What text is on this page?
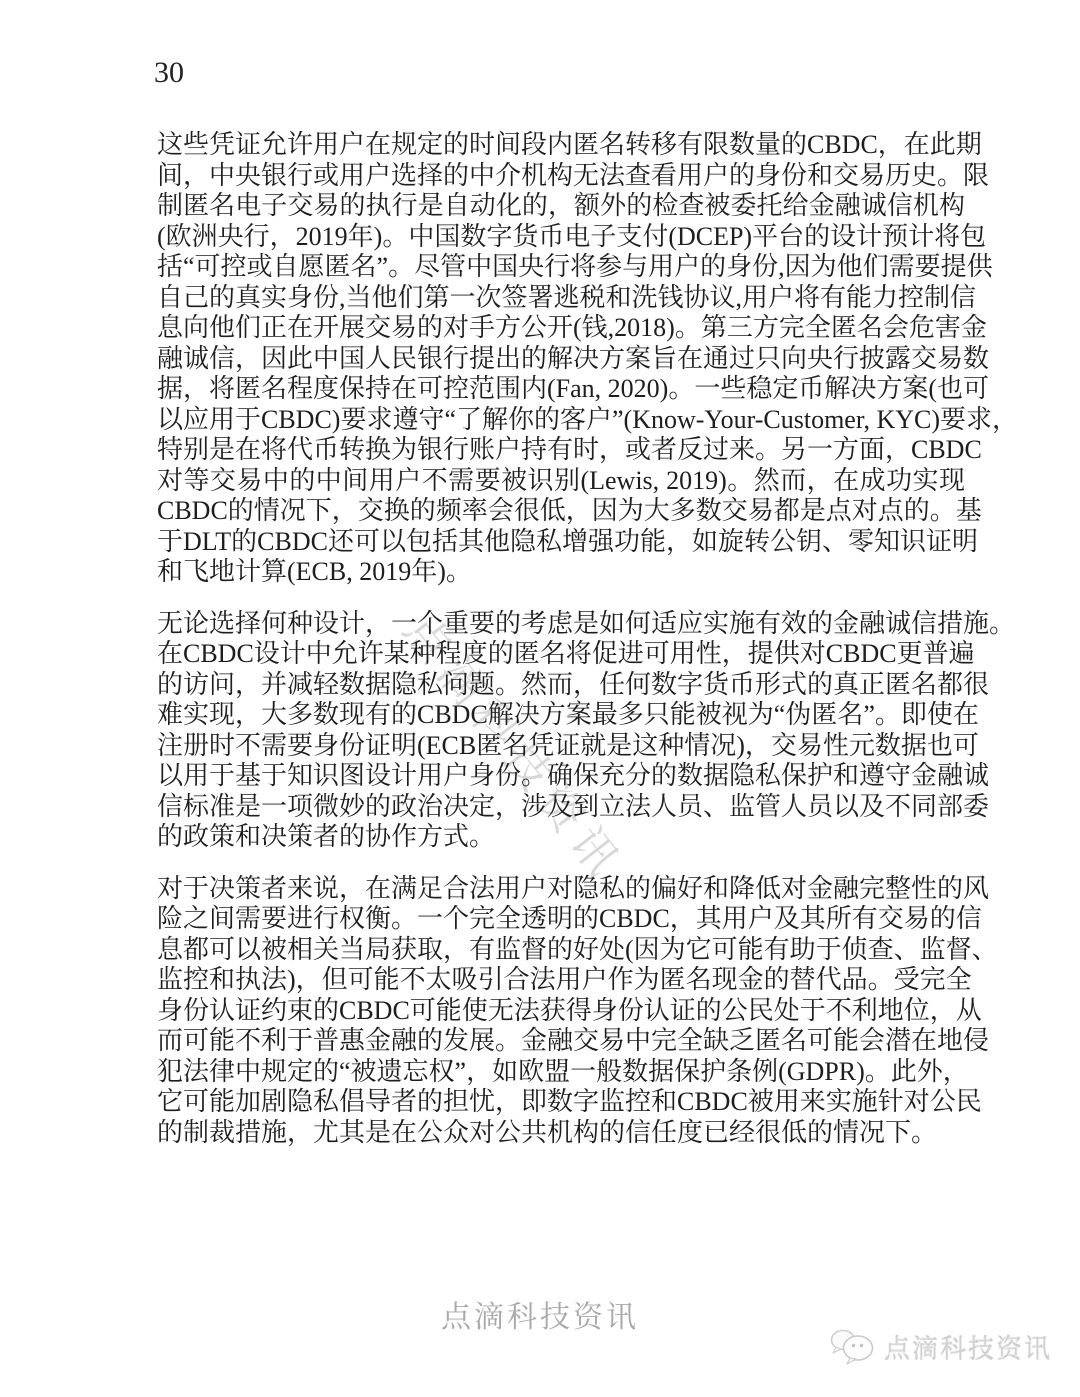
30
点滴科技资讯
这些凭证允许用户在规定的时间段内匿名转移有限数量的CBDC，在此期
间，中央银行或用户选择的中介机构无法查看用户的身份和交易历史。限
制匿名电子交易的执行是自动化的，额外的检查被委托给金融诚信机构
(欧洲央行，2019年)。中国数字货币电子支付(DCEP)平台的设计预计将包
括“可控或自愿匿名”。尽管中国央行将参与用户的身份,因为他们需要提供
自己的真实身份,当他们第一次签署逃税和洗钱协议,用户将有能力控制信
息向他们正在开展交易的对手方公开(钱,2018)。第三方完全匿名会危害金
融诚信，因此中国人民银行提出的解决方案旨在通过只向央行披露交易数
据，将匿名程度保持在可控范围内(Fan, 2020)。一些稳定币解决方案(也可
以应用于CBDC)要求遵守“了解你的客户”(Know-Your-Customer, KYC)要求，
特别是在将代币转换为银行账户持有时，或者反过来。另一方面，CBDC
对等交易中的中间用户不需要被识别(Lewis, 2019)。然而，在成功实现
CBDC的情况下，交换的频率会很低，因为大多数交易都是点对点的。基
于DLT的CBDC还可以包括其他隐私增强功能，如旋转公钥、零知识证明
和飞地计算(ECB, 2019年)。
无论选择何种设计，一个重要的考虑是如何适应实施有效的金融诚信措施。
在CBDC设计中允许某种程度的匿名将促进可用性，提供对CBDC更普遍
的访问，并减轻数据隐私问题。然而，任何数字货币形式的真正匿名都很
难实现，大多数现有的CBDC解决方案最多只能被视为“伪匿名”。即使在
注册时不需要身份证明(ECB匿名凭证就是这种情况)，交易性元数据也可
以用于基于知识图设计用户身份。确保充分的数据隐私保护和遵守金融诚
信标准是一项微妙的政治决定，涉及到立法人员、监管人员以及不同部委
的政策和决策者的协作方式。
对于决策者来说，在满足合法用户对隐私的偏好和降低对金融完整性的风
险之间需要进行权衡。一个完全透明的CBDC，其用户及其所有交易的信
息都可以被相关当局获取，有监督的好处(因为它可能有助于侦查、监督、
监控和执法)，但可能不太吸引合法用户作为匿名现金的替代品。受完全
身份认证约束的CBDC可能使无法获得身份认证的公民处于不利地位，从
而可能不利于普惠金融的发展。金融交易中完全缺乏匿名可能会潜在地侵
犯法律中规定的“被遗忘权”，如欧盟一般数据保护条例(GDPR)。此外，
它可能加剧隐私倡导者的担忧，即数字监控和CBDC被用来实施针对公民
的制裁措施，尤其是在公众对公共机构的信任度已经很低的情况下。
点滴科技资讯
点滴科技资讯
